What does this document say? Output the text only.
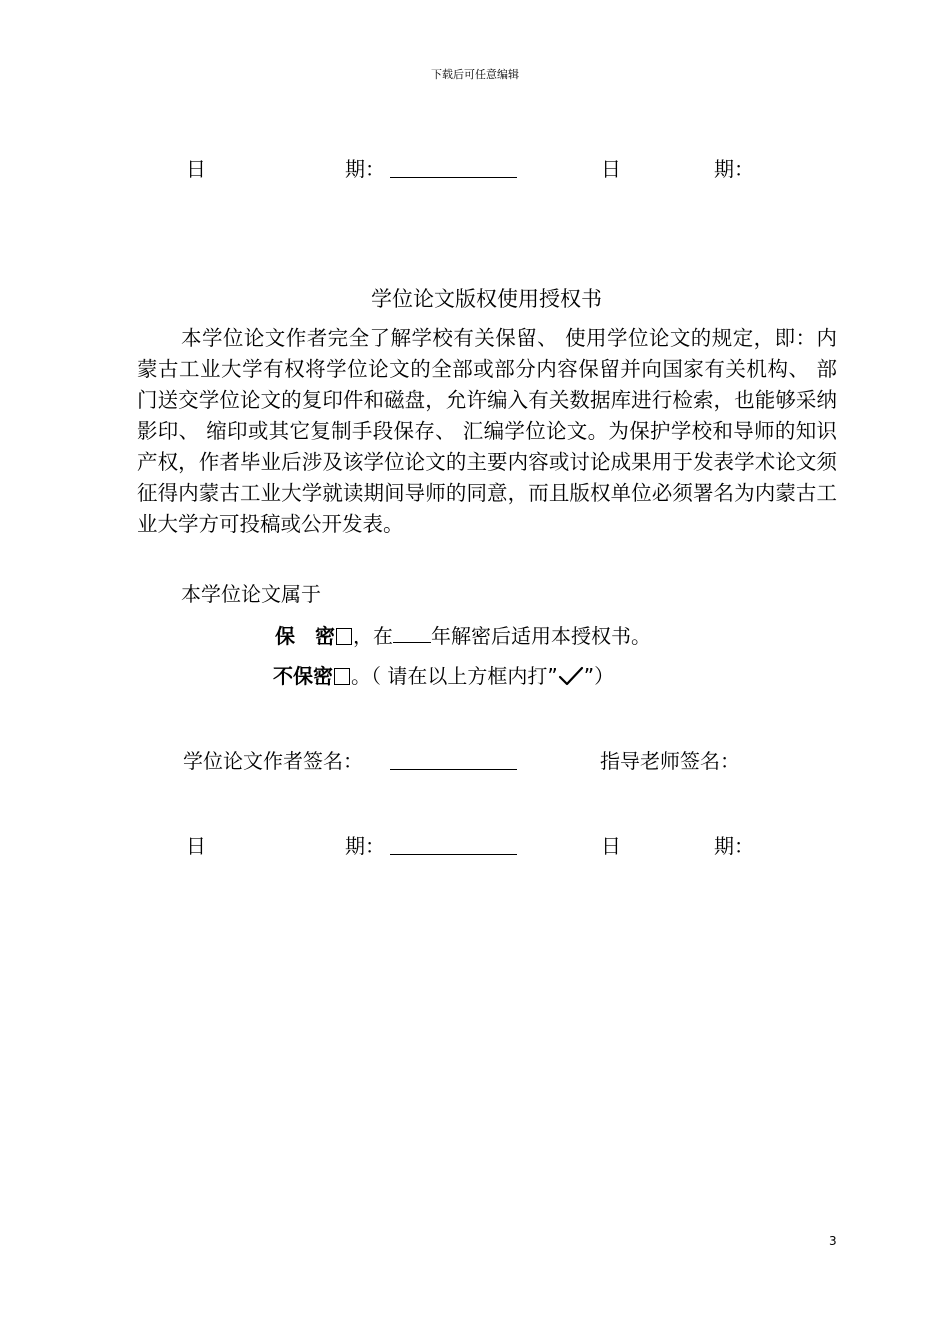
下载后可任意编辑
日	期：	日	期：
学位论文版权使用授权书
本学位论文作者完全了解学校有关保留、 使用学位论文的规定，即：内蒙古工业大学有权将学位论文的全部或部分内容保留并向国家有关机构、 部门送交学位论文的复印件和磁盘，允许编入有关数据库进行检索，也能够采纳影印、 缩印或其它复制手段保存、 汇编学位论文。为保护学校和导师的知识产权，作者毕业后涉及该学位论文的主要内容或讨论成果用于发表学术论文须征得内蒙古工业大学就读期间导师的同意，而且版权单位必须署名为内蒙古工业大学方可投稿或公开发表。
本学位论文属于
保　密 ，在 年解密后适用本授权书。
不保密 。（ 请在以上方框内打” ”）
学位论文作者签名：	指导老师签名：
日	期：	日	期：
3
